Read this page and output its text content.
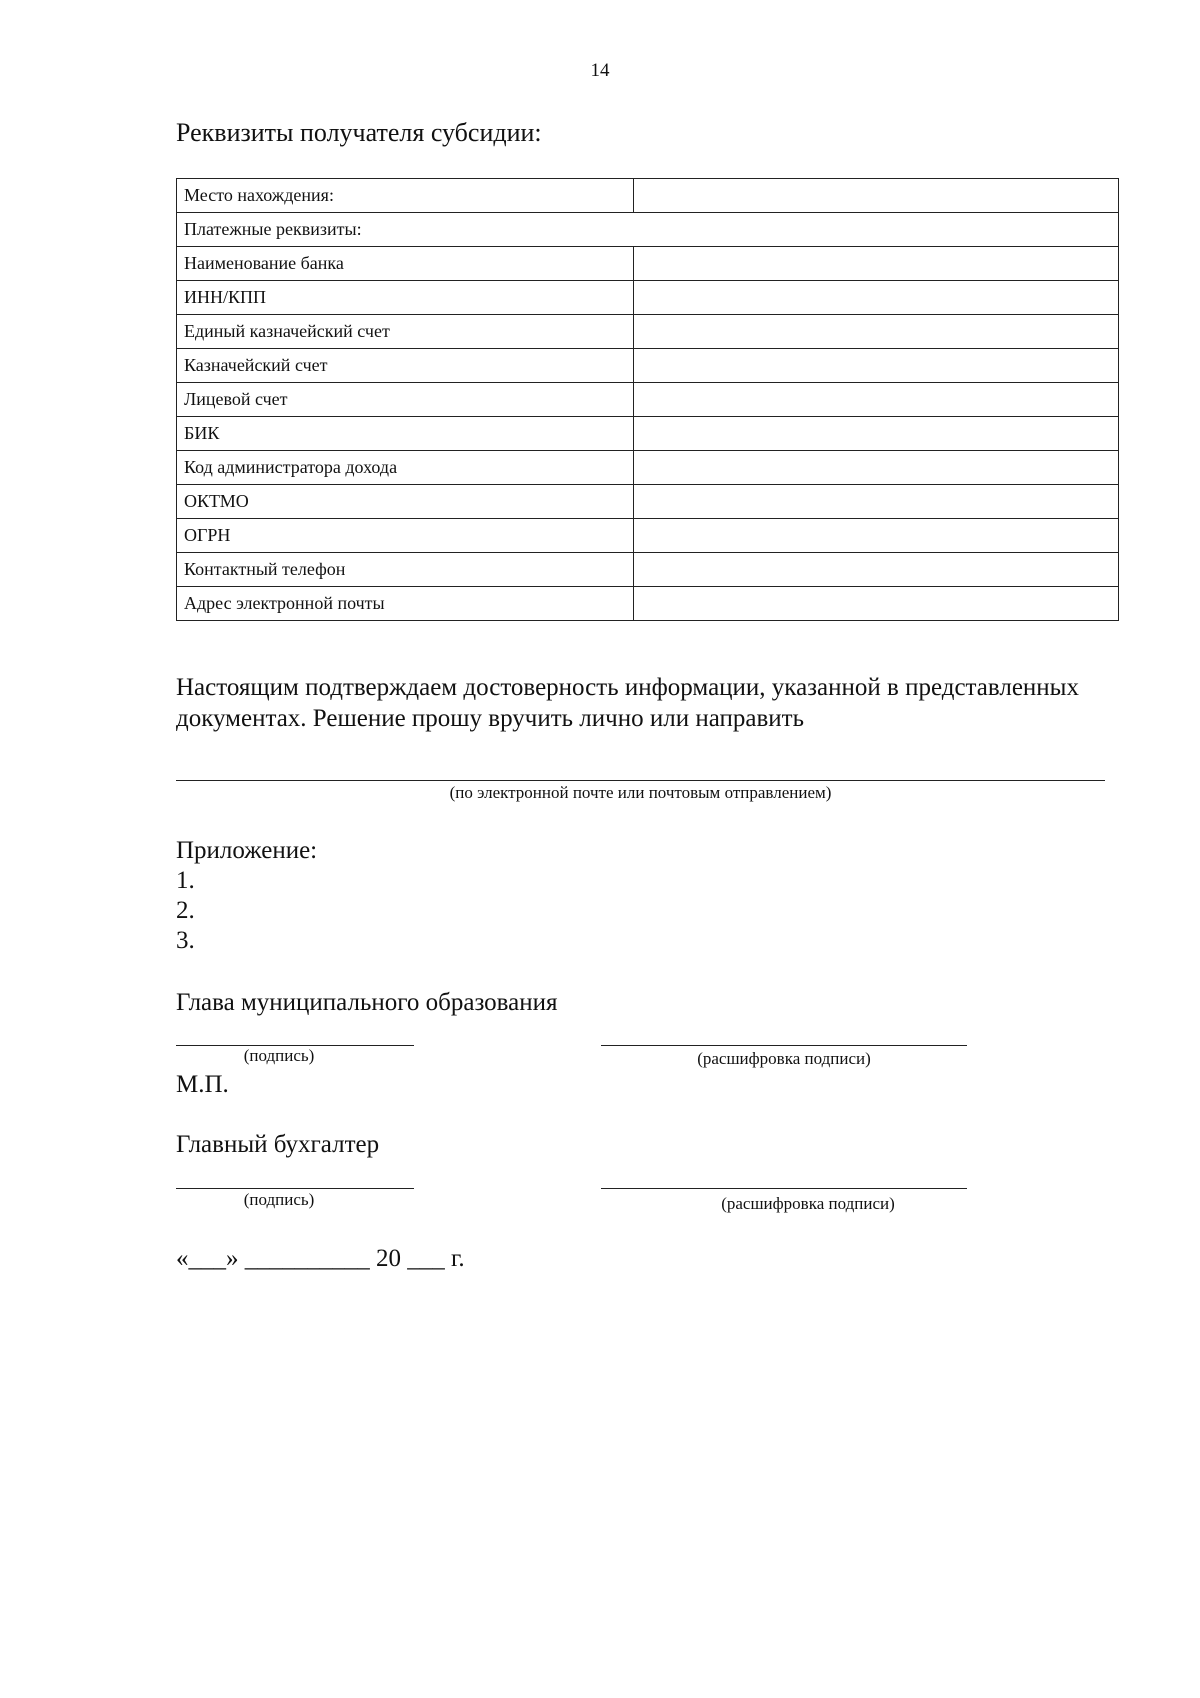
14
Реквизиты получателя субсидии:
Место нахождения:	
Платежные реквизиты:	
Наименование банка	
ИНН/КПП	
Единый казначейский счет	
Казначейский счет	
Лицевой счет	
БИК	
Код администратора дохода	
ОКТМО	
ОГРН	
Контактный телефон	
Адрес электронной почты	
Настоящим подтверждаем достоверность информации, указанной в представленных документах. Решение прошу вручить лично или направить
(по электронной почте или почтовым отправлением)
Приложение:
1.
2.
3.
Глава муниципального образования
(подпись)	(расшифровка подписи)
М.П.
Главный бухгалтер
(подпись)	(расшифровка подписи)
«___» __________ 20 ___ г.
